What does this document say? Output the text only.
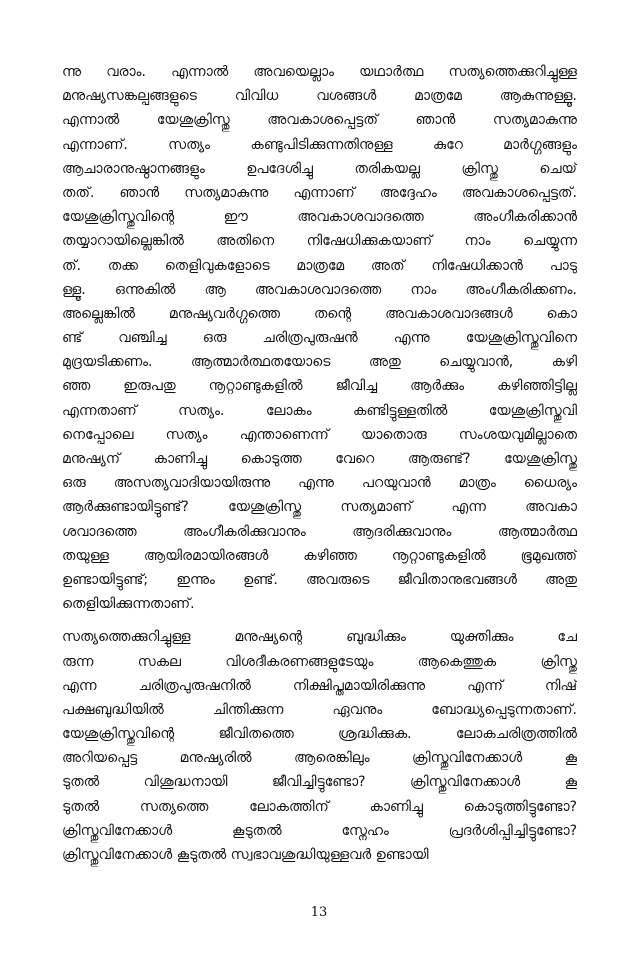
ന്നു വരാം. എന്നാൽ അവയെല്ലാം യഥാർത്ഥ സത്യത്തെക്കുറിച്ചുള്ള
മനുഷ്യസങ്കല്പങ്ങളുടെ വിവിധ വശങ്ങൾ മാത്രമേ ആകുന്നുള്ളൂ.
എന്നാൽ യേശുക്രിസ്തു അവകാശപ്പെട്ടത് ഞാൻ സത്യമാകുന്നു
എന്നാണ്. സത്യം കണ്ടുപിടിക്കുന്നതിനുള്ള കുറേ മാർഗ്ഗങ്ങളും
ആചാരാനുഷ്ഠാനങ്ങളും ഉപദേശിച്ചു തരികയല്ല ക്രിസ്തു ചെയ്
തത്. ഞാൻ സത്യമാകുന്നു എന്നാണ് അദ്ദേഹം അവകാശപ്പെട്ടത്.
യേശുക്രിസ്തുവിന്റെ ഈ അവകാശവാദത്തെ അംഗീകരിക്കാൻ
തയ്യാറായില്ലെങ്കിൽ അതിനെ നിഷേധിക്കുകയാണ് നാം ചെയ്യുന്ന
ത്. തക്ക തെളിവുകളോടെ മാത്രമേ അത് നിഷേധിക്കാൻ പാടു
ള്ളൂ. ഒന്നുകിൽ ആ അവകാശവാദത്തെ നാം അംഗീകരിക്കണം.
അല്ലെങ്കിൽ മനുഷ്യവർഗ്ഗത്തെ തന്റെ അവകാശവാദങ്ങൾ കൊ
ണ്ട് വഞ്ചിച്ച ഒരു ചരിത്രപുരുഷൻ എന്നു യേശുക്രിസ്തുവിനെ
മുദ്രയടിക്കണം. ആത്മാർത്ഥതയോടെ അതു ചെയ്യുവാൻ, കഴി
ഞ്ഞ ഇരുപതു നൂറ്റാണ്ടുകളിൽ ജീവിച്ച ആർക്കും കഴിഞ്ഞിട്ടില്ല
എന്നതാണ് സത്യം. ലോകം കണ്ടിട്ടുള്ളതിൽ യേശുക്രിസ്തുവി
നെപ്പോലെ സത്യം എന്താണെന്ന് യാതൊരു സംശയവുമില്ലാതെ
മനുഷ്യന് കാണിച്ചു കൊടുത്ത വേറെ ആരുണ്ട്? യേശുക്രിസ്തു
ഒരു അസത്യവാദിയായിരുന്നു എന്നു പറയുവാൻ മാത്രം ധൈര്യം
ആർക്കുണ്ടായിട്ടുണ്ട്? യേശുക്രിസ്തു സത്യമാണ് എന്ന അവകാ
ശവാദത്തെ അംഗീകരിക്കുവാനും ആദരിക്കുവാനും ആത്മാർത്ഥ
തയുള്ള ആയിരമായിരങ്ങൾ കഴിഞ്ഞ നൂറ്റാണ്ടുകളിൽ ഭൂമുഖത്ത്
ഉണ്ടായിട്ടുണ്ട്; ഇന്നും ഉണ്ട്. അവരുടെ ജീവിതാനുഭവങ്ങൾ അതു
തെളിയിക്കുന്നതാണ്.
സത്യത്തെക്കുറിച്ചുള്ള മനുഷ്യന്റെ ബുദ്ധിക്കും യുക്തിക്കും ചേ
രുന്ന സകല വിശദീകരണങ്ങളുടേയും ആകെത്തുക ക്രിസ്തു
എന്ന ചരിത്രപുരുഷനിൽ നിക്ഷിപ്തമായിരിക്കുന്നു എന്ന് നിഷ്
പക്ഷബുദ്ധിയിൽ ചിന്തിക്കുന്ന ഏവനും ബോദ്ധ്യപ്പെടുന്നതാണ്.
യേശുക്രിസ്തുവിന്റെ ജീവിതത്തെ ശ്രദ്ധിക്കുക. ലോകചരിത്രത്തിൽ
അറിയപ്പെട്ട മനുഷ്യരിൽ ആരെങ്കിലും ക്രിസ്തുവിനേക്കാൾ കൂ
ടുതൽ വിശുദ്ധനായി ജീവിച്ചിട്ടുണ്ടോ? ക്രിസ്തുവിനേക്കാൾ കൂ
ടുതൽ സത്യത്തെ ലോകത്തിന് കാണിച്ചു കൊടുത്തിട്ടുണ്ടോ?
ക്രിസ്തുവിനേക്കാൾ കൂടുതൽ സ്നേഹം പ്രദർശിപ്പിച്ചിട്ടുണ്ടോ?
ക്രിസ്തുവിനേക്കാൾ കൂടുതൽ സ്വഭാവശുദ്ധിയുള്ളവർ ഉണ്ടായി
13
